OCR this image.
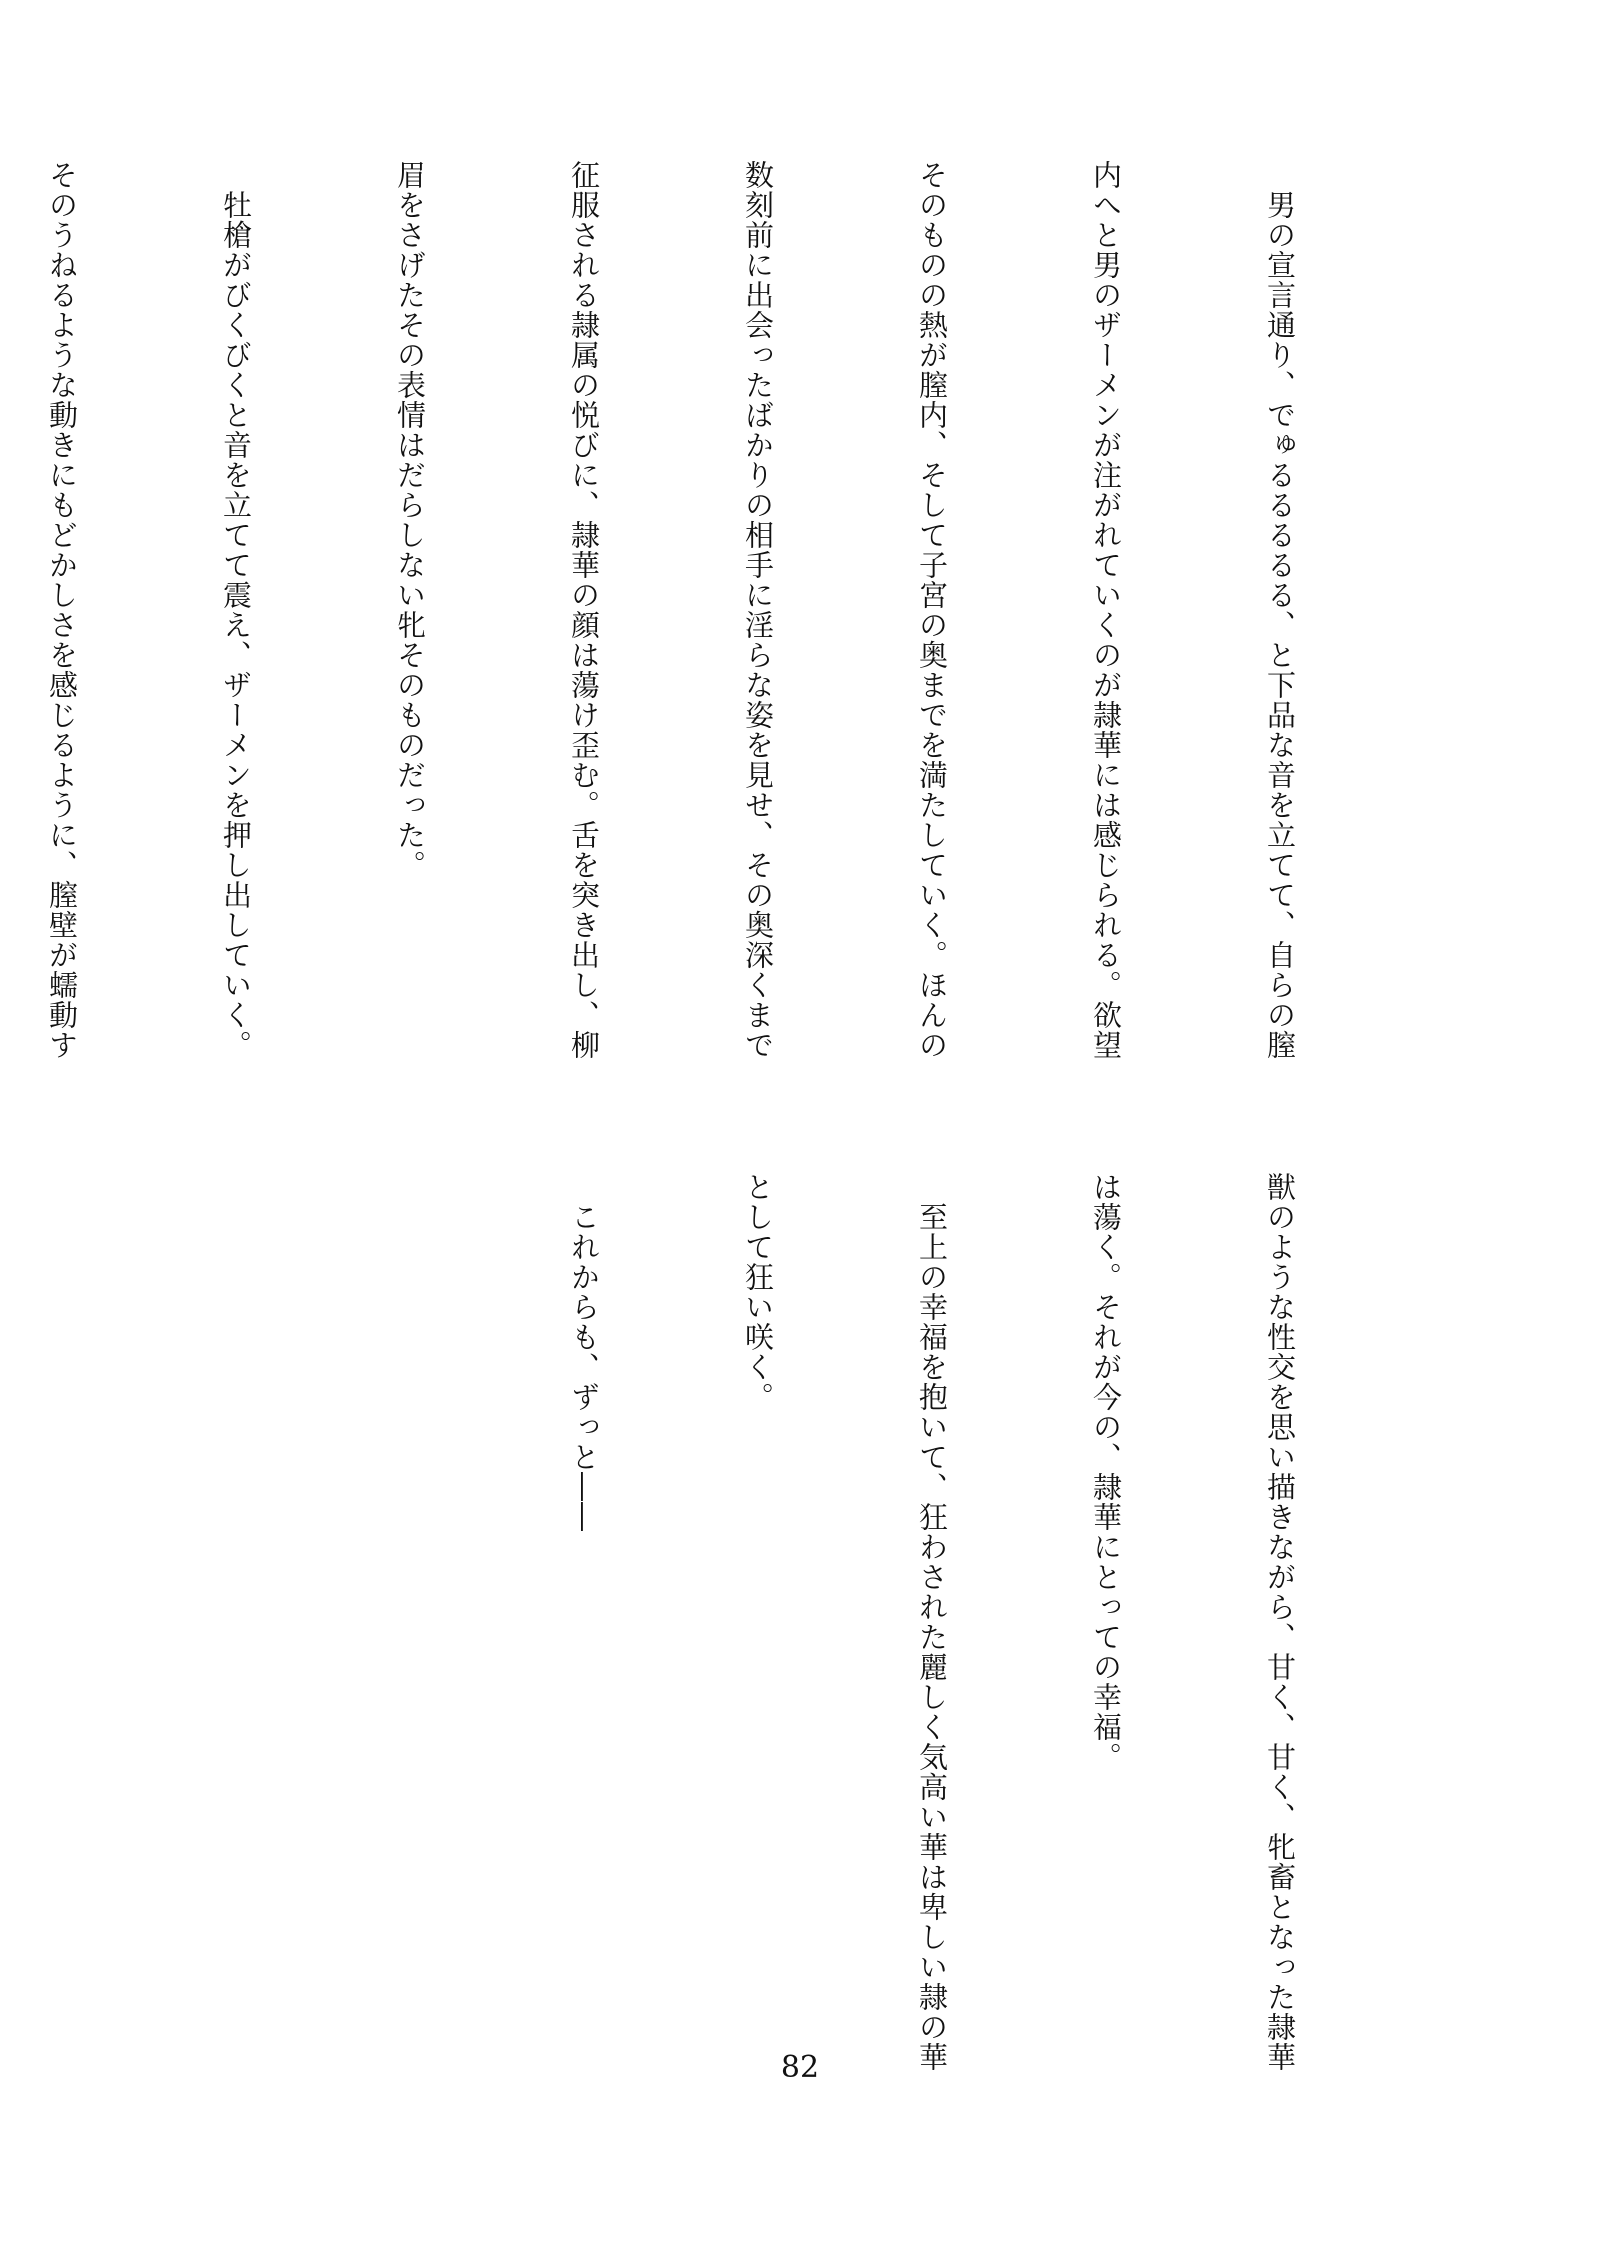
　男の宣言通り、でゅるるるるる、と下品な音を立てて、自らの膣

内へと男のザーメンが注がれていくのが隷華には感じられる。欲望

そのものの熱が膣内、そして子宮の奥までを満たしていく。ほんの

数刻前に出会ったばかりの相手に淫らな姿を見せ、その奥深くまで

征服される隷属の悦びに、隷華の顔は蕩け歪む。舌を突き出し、柳

眉をさげたその表情はだらしない牝そのものだった。

　牡槍がびくびくと音を立てて震え、ザーメンを押し出していく。

そのうねるような動きにもどかしさを感じるように、膣壁が蠕動す

獣のような性交を思い描きながら、甘く、甘く、牝畜となった隷華

は蕩く。それが今の、隷華にとっての幸福。

　至上の幸福を抱いて、狂わされた麗しく気高い華は卑しい隷の華

として狂い咲く。

　これからも、ずっと――

82
